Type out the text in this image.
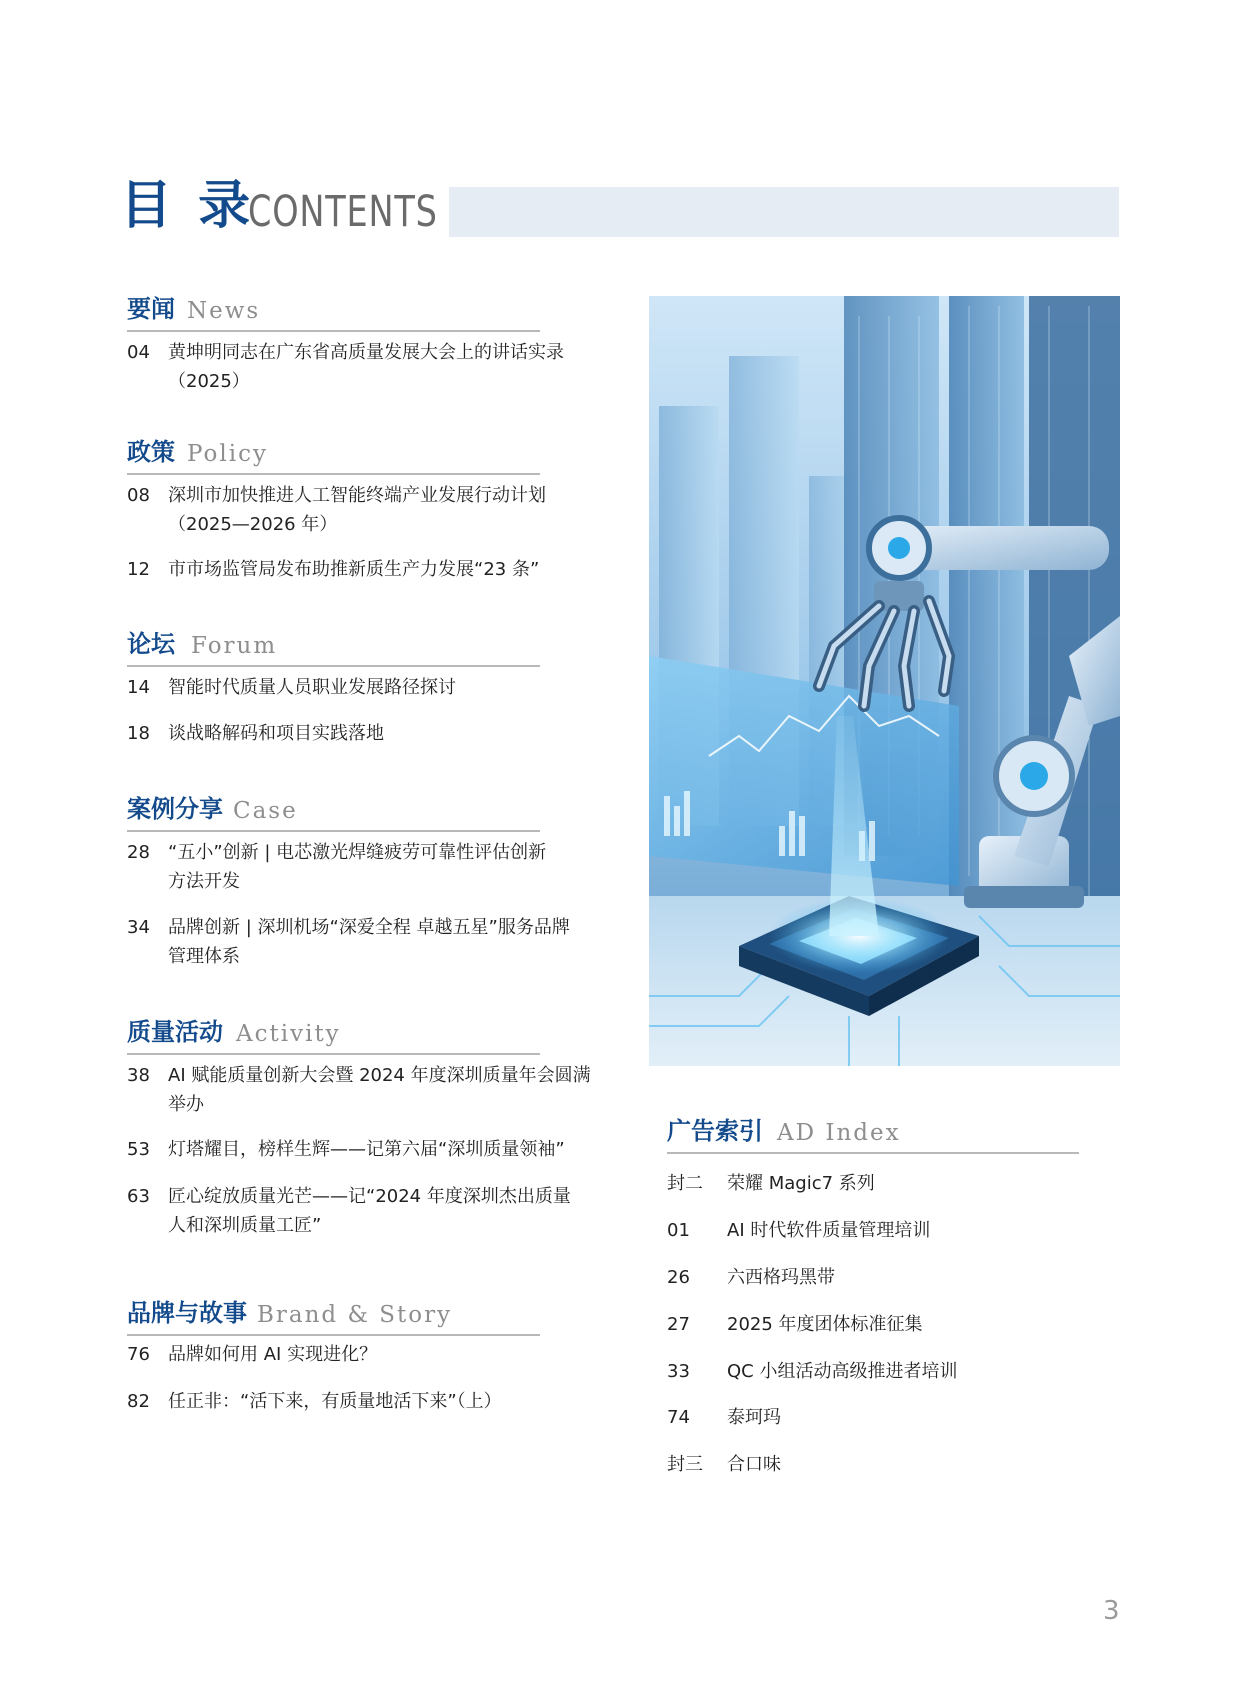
目 录
CONTENTS
要闻 News
04 黄坤明同志在广东省高质量发展大会上的讲话实录
（2025）
政策 Policy
08 深圳市加快推进人工智能终端产业发展行动计划
（2025—2026 年）
12 市市场监管局发布助推新质生产力发展“23 条”
论坛 Forum
14 智能时代质量人员职业发展路径探讨
18 谈战略解码和项目实践落地
案例分享 Case
28 “五小”创新 | 电芯激光焊缝疲劳可靠性评估创新
方法开发
34 品牌创新 | 深圳机场“深爱全程 卓越五星”服务品牌
管理体系
质量活动 Activity
38 AI 赋能质量创新大会暨 2024 年度深圳质量年会圆满
举办
53 灯塔耀目，榜样生辉——记第六届“深圳质量领袖”
63 匠心绽放质量光芒——记“2024 年度深圳杰出质量
人和深圳质量工匠”
品牌与故事 Brand & Story
76 品牌如何用 AI 实现进化？
82 任正非：“活下来，有质量地活下来”（上）
广告索引 AD Index
封二 荣耀 Magic7 系列
01 AI 时代软件质量管理培训
26 六西格玛黑带
27 2025 年度团体标准征集
33 QC 小组活动高级推进者培训
74 泰珂玛
封三 合口味
3
